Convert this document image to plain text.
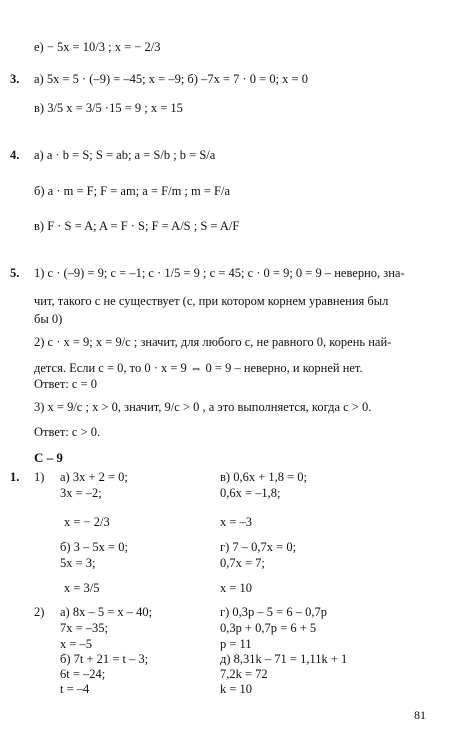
е) − 5x = 10/3 ; x = − 2/3
3. а) 5x = 5 · (–9) = –45; x = –9; б) –7x = 7 · 0 = 0; x = 0
в) 3/5 x = 3/5 ·15 = 9 ; x = 15
4. а) a · b = S; S = ab; a = S/b ; b = S/a
б) a · m = F; F = am; a = F/m ; m = F/a
в) F · S = A; A = F · S; F = A/S ; S = A/F
5. 1) c · (–9) = 9; c = –1; c · 1/5 = 9 ; c = 45; c · 0 = 9; 0 = 9 – неверно, зна-
чит, такого c не существует (c, при котором корнем уравнения был
бы 0)
2) c · x = 9; x = 9/c ; значит, для любого c, не равного 0, корень най-
дется. Если c = 0, то 0 · x = 9 ⇔ 0 = 9 – неверно, и корней нет.
Ответ: c = 0
3) x = 9/c ; x > 0, значит, 9/c > 0 , а это выполняется, когда c > 0.
Ответ: c > 0.
С – 9
1. 1) а) 3x + 2 = 0;
3x = –2;
x = − 2/3
б) 3 – 5x = 0;
5x = 3;
x = 3/5
в) 0,6x + 1,8 = 0;
0,6x = –1,8;
x = –3
г) 7 – 0,7x = 0;
0,7x = 7;
x = 10
2) а) 8x – 5 = x – 40;
7x = –35;
x = –5
б) 7t + 21 = t – 3;
6t = –24;
t = –4
г) 0,3p – 5 = 6 – 0,7p
0,3p + 0,7p = 6 + 5
p = 11
д) 8,31k – 71 = 1,11k + 1
7,2k = 72
k = 10
81
